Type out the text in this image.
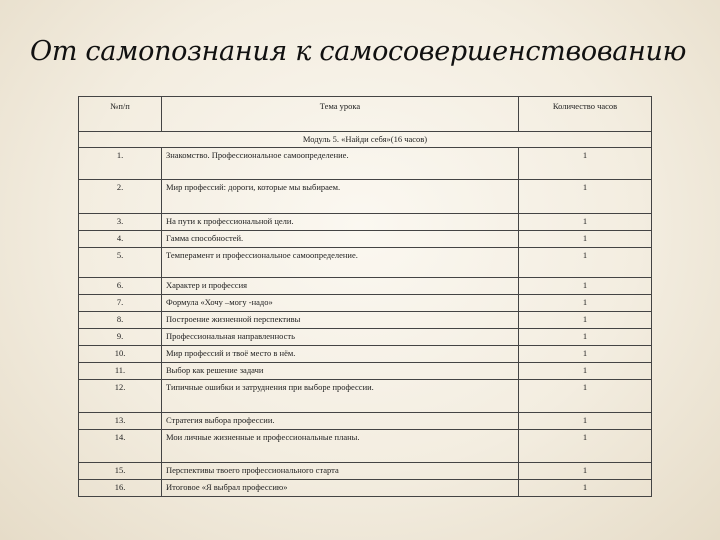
От самопознания к самосовершенствованию
№п/п	Тема урока	Количество часов
Модуль 5. «Найди себя»(16 часов)		
1.	Знакомство. Профессиональное самоопределение.	1
2.	Мир профессий: дороги, которые мы выбираем.	1
3.	На пути к профессиональной цели.	1
4.	Гамма способностей.	1
5.	Темперамент и профессиональное самоопределение.	1
6.	Характер и профессия	1
7.	Формула «Хочу –могу -надо»	1
8.	Построение жизненной перспективы	1
9.	Профессиональная направленность	1
10.	Мир профессий и твоё место в нём.	1
11.	Выбор как решение задачи	1
12.	Типичные ошибки и затруднения при выборе профессии.	1
13.	Стратегия выбора профессии.	1
14.	Мои личные жизненные и профессиональные планы.	1
15.	Перспективы твоего профессионального старта	1
16.	Итоговое «Я выбрал профессию»	1
